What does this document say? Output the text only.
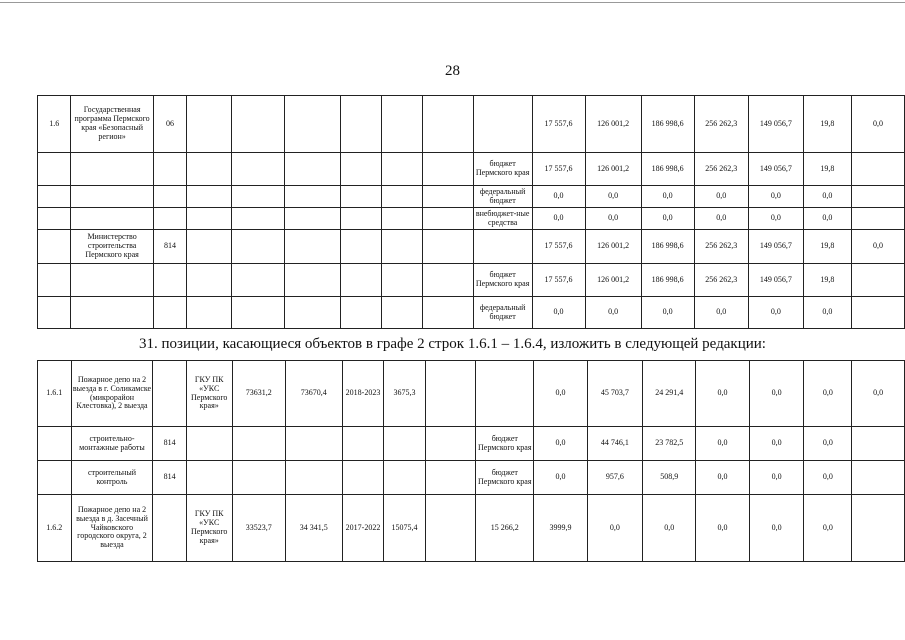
28
1.6	Государственная программа Пермского края «Безопасный регион»	06								17 557,6	126 001,2	186 998,6	256 262,3	149 056,7	19,8	0,0
									бюджет Пермского края	17 557,6	126 001,2	186 998,6	256 262,3	149 056,7	19,8	
									федеральный бюджет	0,0	0,0	0,0	0,0	0,0	0,0	
									внебюджет-ные средства	0,0	0,0	0,0	0,0	0,0	0,0	
	Министерство строительства Пермского края	814								17 557,6	126 001,2	186 998,6	256 262,3	149 056,7	19,8	0,0
									бюджет Пермского края	17 557,6	126 001,2	186 998,6	256 262,3	149 056,7	19,8	
									федеральный бюджет	0,0	0,0	0,0	0,0	0,0	0,0	
31. позиции, касающиеся объектов в графе 2 строк 1.6.1 – 1.6.4, изложить в следующей редакции:
1.6.1	Пожарное депо на 2 выезда в г. Соликамске (микрорайон Клестовка), 2 выезда		ГКУ ПК «УКС Пермского края»	73631,2	73670,4	2018-2023	3675,3			0,0	45 703,7	24 291,4	0,0	0,0	0,0	0,0
	строительно-монтажные работы	814							бюджет Пермского края	0,0	44 746,1	23 782,5	0,0	0,0	0,0	
	строительный контроль	814							бюджет Пермского края	0,0	957,6	508,9	0,0	0,0	0,0	
1.6.2	Пожарное депо на 2 выезда в д. Засечный Чайковского городского округа, 2 выезда		ГКУ ПК «УКС Пермского края»	33523,7	34 341,5	2017-2022	15075,4		15 266,2	3999,9	0,0	0,0	0,0	0,0	0,0	
